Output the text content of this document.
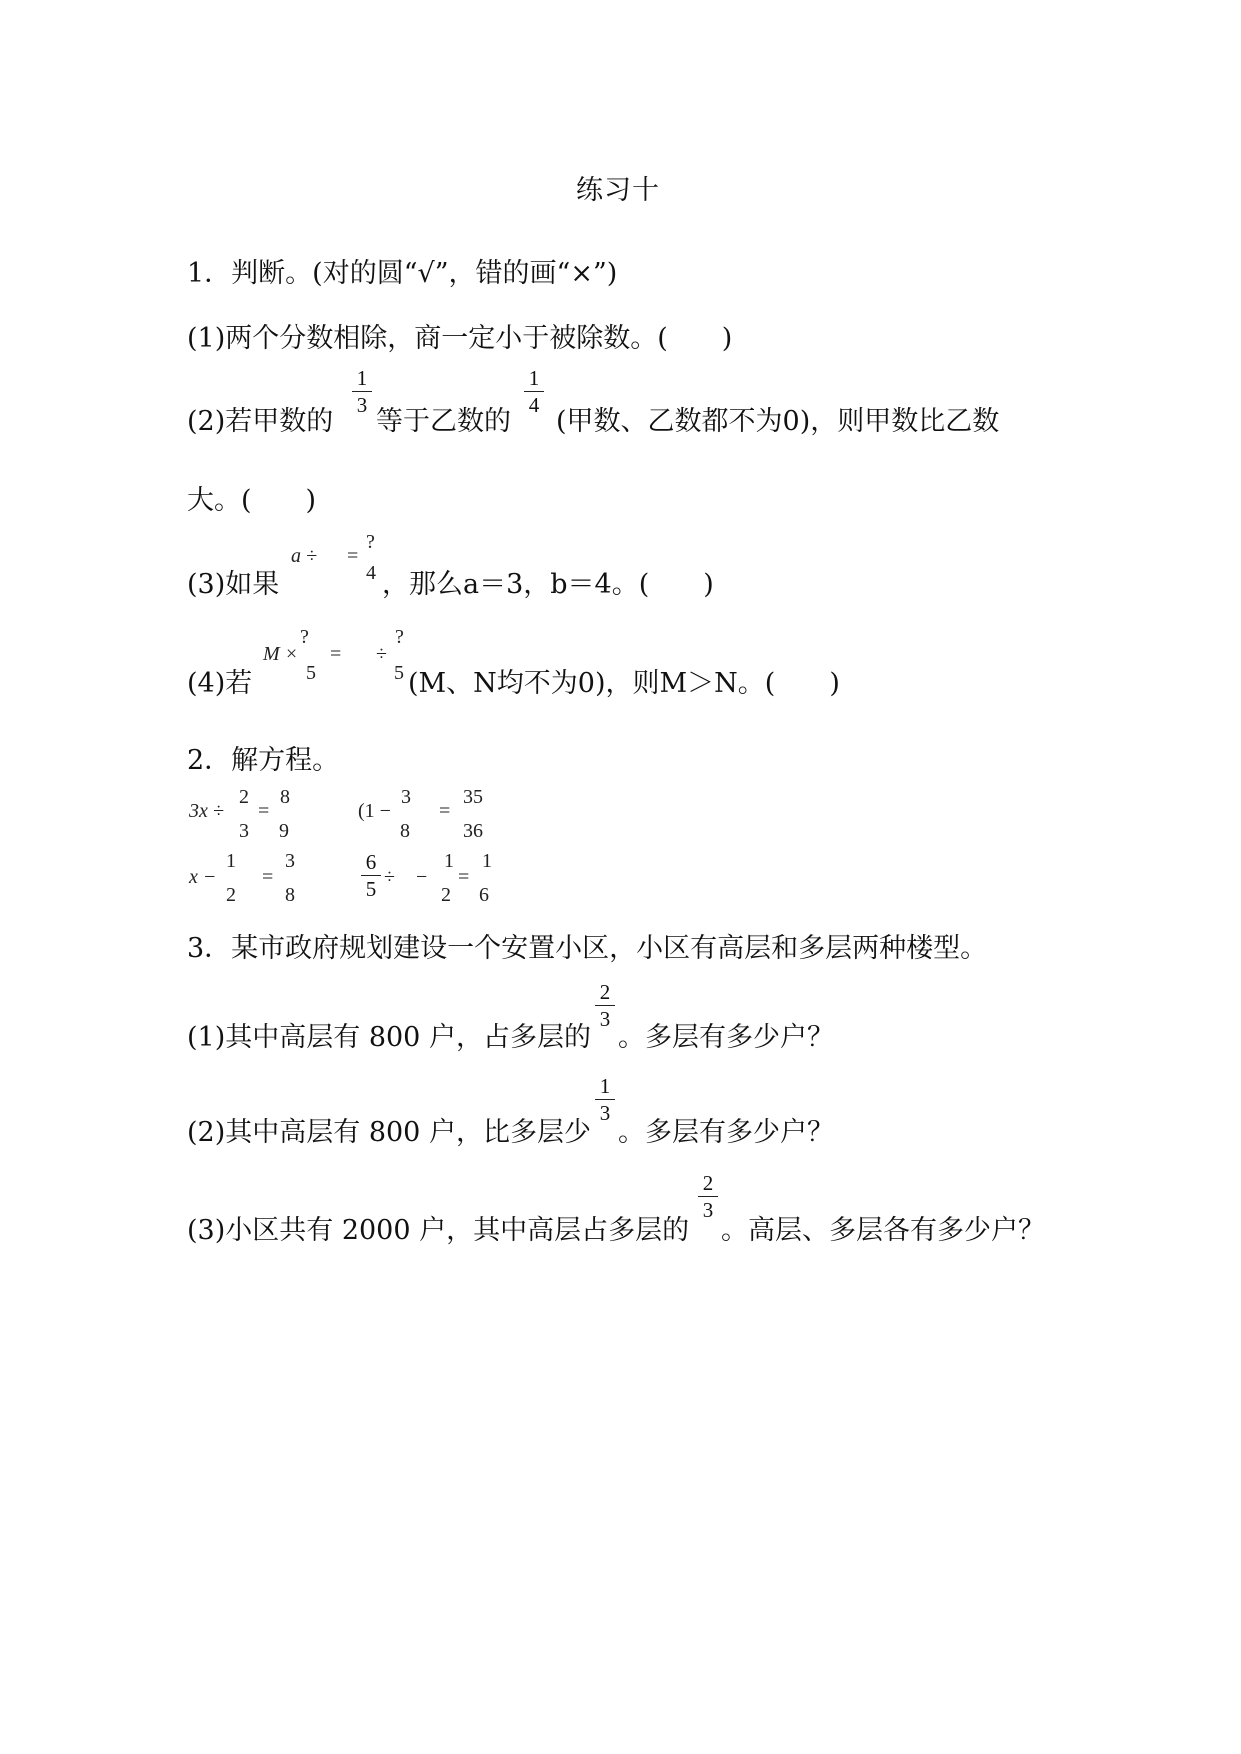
练习十
1．判断。(对的圆“√”，错的画“×”)
(1)两个分数相除，商一定小于被除数。(　　)
(2)若甲数的
1
3
等于乙数的
1
4
(甲数、乙数都不为0)，则甲数比乙数
大。(　　)
(3)如果
a ÷ =
?
4 ，那么a＝3，b＝4。(　　)
(4)若
M ×
?
5
= ÷
?
5 (M、N均不为0)，则M＞N。(　　)
2．解方程。
3x ÷
2
3
=
8
9
(1 −
3
8
=
35
36
x −
1
2
=
3
8
6
5 ÷ −
1
2
=
1
6
3．某市政府规划建设一个安置小区，小区有高层和多层两种楼型。
(1)其中高层有 800 户，占多层的
2
3
。多层有多少户？
(2)其中高层有 800 户，比多层少
1
3
。多层有多少户？
(3)小区共有 2000 户，其中高层占多层的
2
3
。高层、多层各有多少户？
